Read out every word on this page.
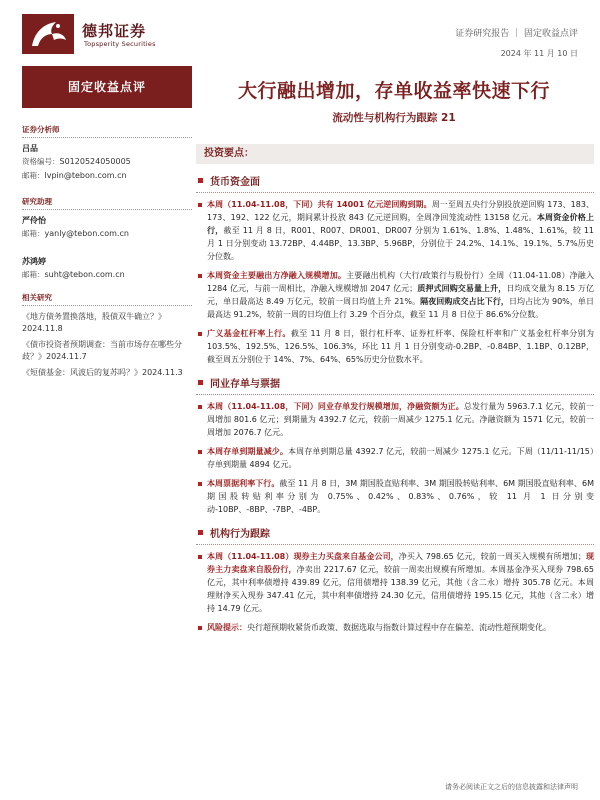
德邦证券
Topsperity Securities
证券研究报告 ｜ 固定收益点评
2024 年 11 月 10 日
固定收益点评	大行融出增加，存单收益率快速下行
流动性与机构行为跟踪 21
证券分析师
吕品
资格编号：S0120524050005
邮箱：lvpin@tebon.com.cn
研究助理
严伶怡
邮箱：yanly@tebon.com.cn
苏鸿婷
邮箱：suht@tebon.com.cn
相关研究
《地方债务置换落地，股债双牛确立？》2024.11.8
《债市投资者预期调查：当前市场存在哪些分歧？》2024.11.7
《短债基金：风波后的复苏吗？》2024.11.3
投资要点：
货币资金面
本周（11.04-11.08，下同）共有 14001 亿元逆回购到期。周一至周五央行分别投放逆回购 173、183、173、192、122 亿元，期间累计投放 843 亿元逆回购，全周净回笼流动性 13158 亿元。本周资金价格上行，截至 11 月 8 日，R001、R007、DR001、DR007 分别为 1.61%、1.8%、1.48%、1.61%，较 11 月 1 日分别变动 13.72BP、4.44BP、13.3BP、5.96BP，分别位于 24.2%、14.1%、19.1%、5.7%历史分位数。
本周资金主要融出方净融入规模增加。主要融出机构（大行/政策行与股份行）全周（11.04-11.08）净融入 1284 亿元，与前一周相比，净融入规模增加 2047 亿元；质押式回购交易量上升，日均成交量为 8.15 万亿元，单日最高达 8.49 万亿元，较前一周日均值上升 21%。隔夜回购成交占比下行，日均占比为 90%，单日最高达 91.2%，较前一周的日均值上行 3.29 个百分点，截至 11 月 8 日位于 86.6%分位数。
广义基金杠杆率上行。截至 11 月 8 日，银行杠杆率、证券杠杆率、保险杠杆率和广义基金杠杆率分别为 103.5%、192.5%、126.5%、106.3%，环比 11 月 1 日分别变动-0.2BP、-0.84BP、1.1BP、0.12BP，截至周五分别位于 14%、7%、64%、65%历史分位数水平。
同业存单与票据
本周（11.04-11.08，下同）同业存单发行规模增加，净融资额为正。总发行量为 5963.7.1 亿元，较前一周增加 801.6 亿元；到期量为 4392.7 亿元，较前一周减少 1275.1 亿元。净融资额为 1571 亿元，较前一周增加 2076.7 亿元。
本周存单到期量减少。本周存单到期总量 4392.7 亿元，较前一周减少 1275.1 亿元。下周（11/11-11/15）存单到期量 4894 亿元。
本周票据利率下行。截至 11 月 8 日，3M 期国股直贴利率、3M 期国股转贴利率、6M 期国股直贴利率、6M 期国股转贴利率分别为 0.75%、0.42%、0.83%、0.76%，较 11 月 1 日分别变动-10BP、-8BP、-7BP、-4BP。
机构行为跟踪
本周（11.04-11.08）现券主力买盘来自基金公司，净买入 798.65 亿元，较前一周买入规模有所增加；现券主力卖盘来自股份行，净卖出 2217.67 亿元，较前一周卖出规模有所增加。本周基金净买入现券 798.65 亿元，其中利率债增持 439.89 亿元，信用债增持 138.39 亿元，其他（含二永）增持 305.78 亿元。本周理财净买入现券 347.41 亿元，其中利率债增持 24.30 亿元，信用债增持 195.15 亿元，其他（含二永）增持 14.79 亿元。
风险提示：央行超预期收紧货币政策、数据选取与指数计算过程中存在偏差、流动性超预期变化。
请务必阅读正文之后的信息披露和法律声明
